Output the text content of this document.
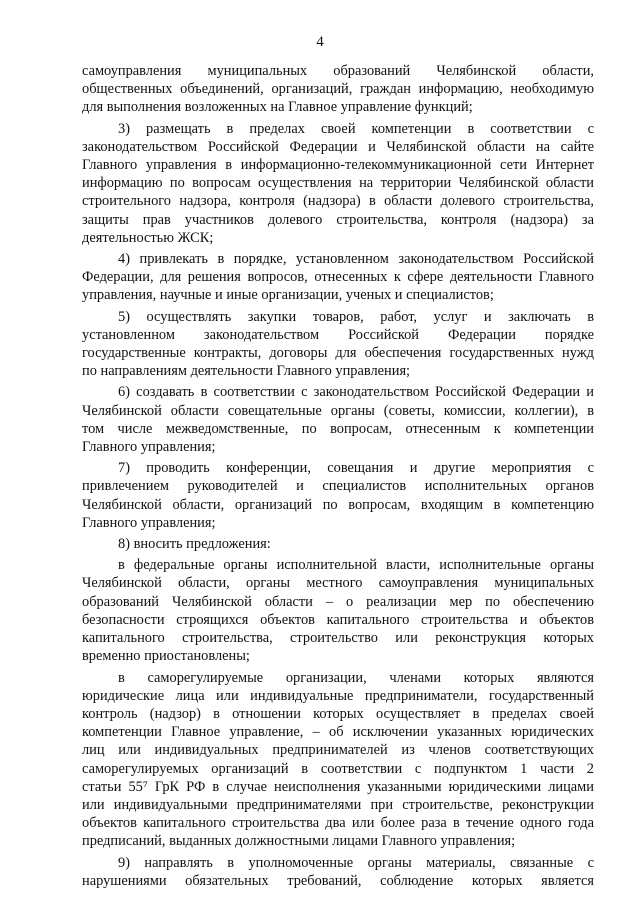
4
самоуправления муниципальных образований Челябинской области,
общественных объединений, организаций, граждан информацию, необходимую
для выполнения возложенных на Главное управление функций;
3) размещать в пределах своей компетенции в соответствии с
законодательством Российской Федерации и Челябинской области на сайте
Главного управления в информационно-телекоммуникационной сети Интернет
информацию по вопросам осуществления на территории Челябинской области
строительного надзора, контроля (надзора) в области долевого строительства,
защиты прав участников долевого строительства, контроля (надзора) за
деятельностью ЖСК;
4) привлекать в порядке, установленном законодательством Российской
Федерации, для решения вопросов, отнесенных к сфере деятельности Главного
управления, научные и иные организации, ученых и специалистов;
5) осуществлять закупки товаров, работ, услуг и заключать в
установленном законодательством Российской Федерации порядке
государственные контракты, договоры для обеспечения государственных нужд
по направлениям деятельности Главного управления;
6) создавать в соответствии с законодательством Российской Федерации и
Челябинской области совещательные органы (советы, комиссии, коллегии), в
том числе межведомственные, по вопросам, отнесенным к компетенции
Главного управления;
7) проводить конференции, совещания и другие мероприятия с
привлечением руководителей и специалистов исполнительных органов
Челябинской области, организаций по вопросам, входящим в компетенцию
Главного управления;
8) вносить предложения:
в федеральные органы исполнительной власти, исполнительные органы
Челябинской области, органы местного самоуправления муниципальных
образований Челябинской области – о реализации мер по обеспечению
безопасности строящихся объектов капитального строительства и объектов
капитального строительства, строительство или реконструкция которых
временно приостановлены;
в саморегулируемые организации, членами которых являются
юридические лица или индивидуальные предприниматели, государственный
контроль (надзор) в отношении которых осуществляет в пределах своей
компетенции Главное управление, – об исключении указанных юридических
лиц или индивидуальных предпринимателей из членов соответствующих
саморегулируемых организаций в соответствии с подпунктом 1 части 2
статьи 55⁷ ГрК РФ в случае неисполнения указанными юридическими лицами
или индивидуальными предпринимателями при строительстве, реконструкции
объектов капитального строительства два или более раза в течение одного года
предписаний, выданных должностными лицами Главного управления;
9) направлять в уполномоченные органы материалы, связанные с
нарушениями обязательных требований, соблюдение которых является
